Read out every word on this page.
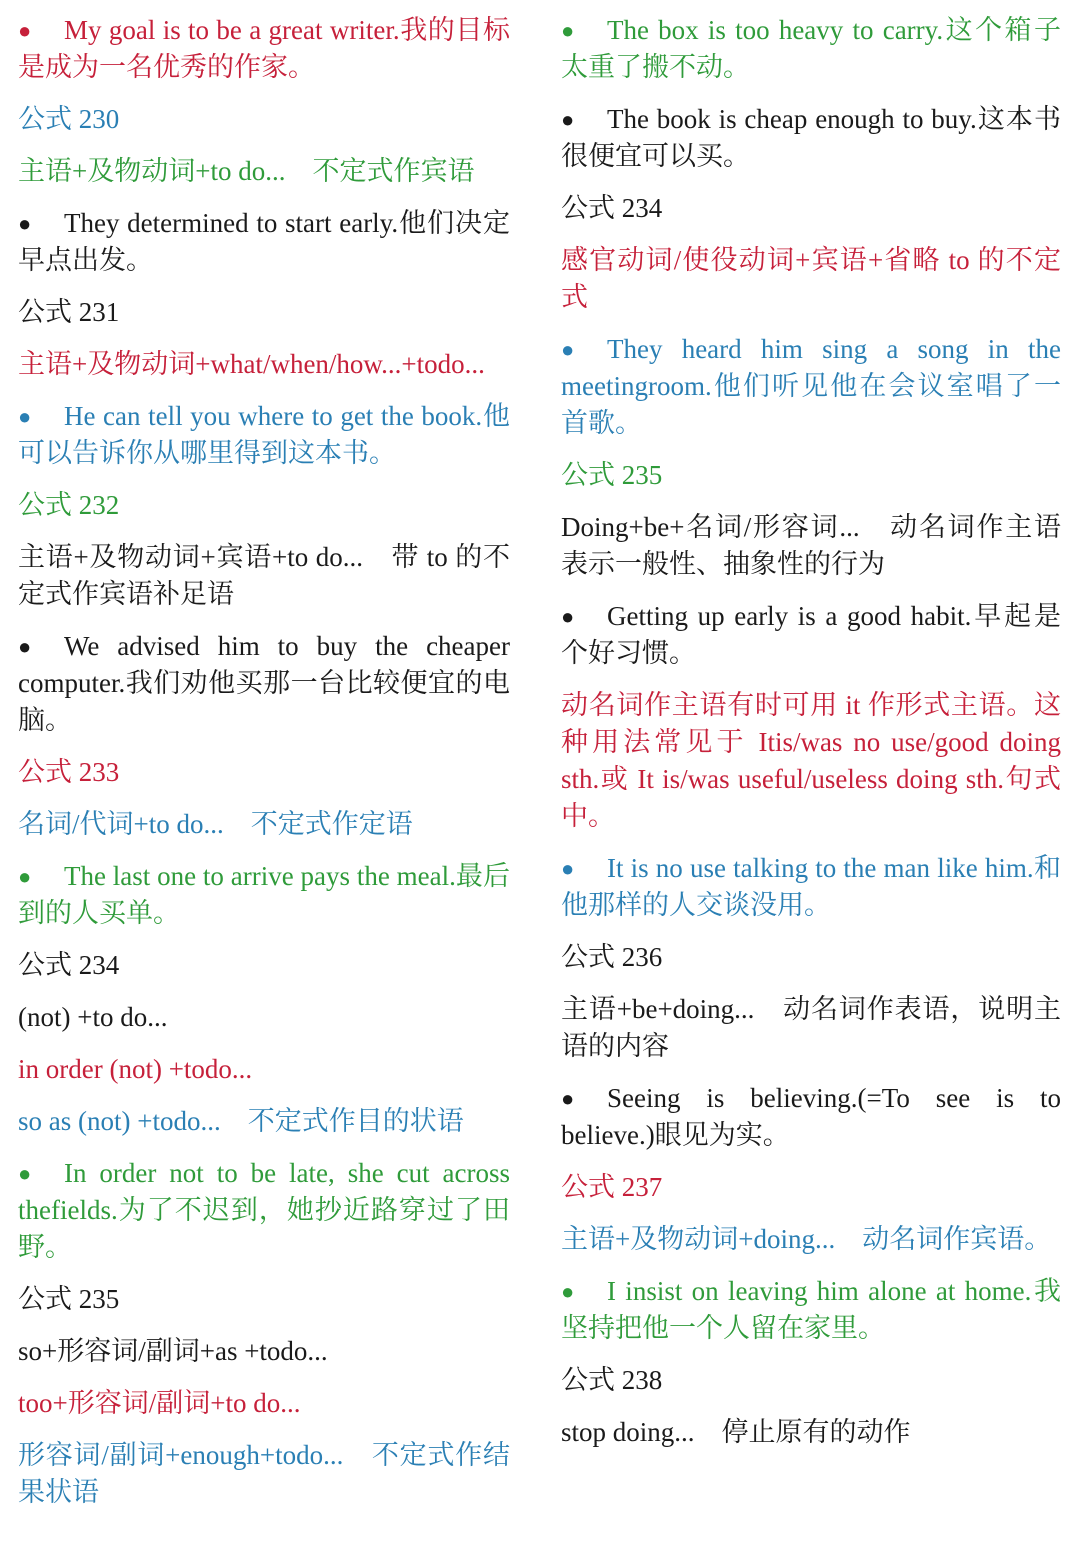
● My goal is to be a great writer.我的目标是成为一名优秀的作家。
公式 230
主语+及物动词+to do...　不定式作宾语
● They determined to start early.他们决定早点出发。
公式 231
主语+及物动词+what/when/how...+todo...
● He can tell you where to get the book.他可以告诉你从哪里得到这本书。
公式 232
主语+及物动词+宾语+to do...　带 to 的不定式作宾语补足语
● We advised him to buy the cheaper computer.我们劝他买那一台比较便宜的电脑。
公式 233
名词/代词+to do...　不定式作定语
● The last one to arrive pays the meal.最后到的人买单。
公式 234
(not) +to do...
in order (not) +todo...
so as (not) +todo...　不定式作目的状语
● In order not to be late, she cut across thefields.为了不迟到，她抄近路穿过了田野。
公式 235
so+形容词/副词+as +todo...
too+形容词/副词+to do...
形容词/副词+enough+todo...　不定式作结果状语
● The box is too heavy to carry.这个箱子太重了搬不动。
● The book is cheap enough to buy.这本书很便宜可以买。
公式 234
感官动词/使役动词+宾语+省略 to 的不定式
● They heard him sing a song in the meetingroom.他们听见他在会议室唱了一首歌。
公式 235
Doing+be+名词/形容词...　动名词作主语表示一般性、抽象性的行为
● Getting up early is a good habit.早起是个好习惯。
动名词作主语有时可用 it 作形式主语。这种用法常见于 Itis/was no use/good doing sth.或 It is/was useful/useless doing sth.句式中。
● It is no use talking to the man like him.和他那样的人交谈没用。
公式 236
主语+be+doing...　动名词作表语，说明主语的内容
● Seeing is believing.(=To see is to believe.)眼见为实。
公式 237
主语+及物动词+doing...　动名词作宾语。
● I insist on leaving him alone at home.我坚持把他一个人留在家里。
公式 238
stop doing...　停止原有的动作
